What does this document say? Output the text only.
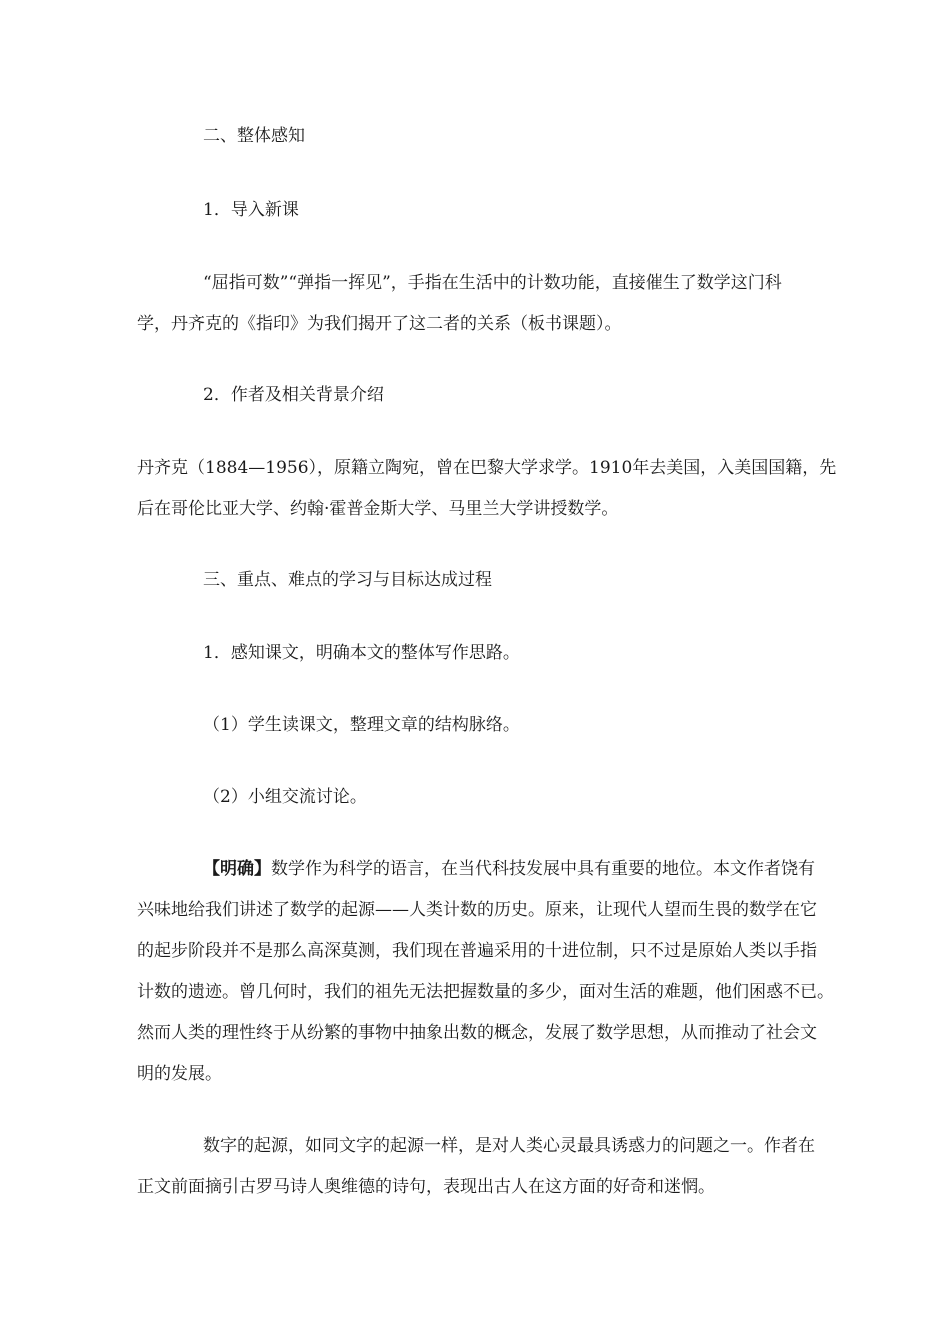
二、整体感知

1．导入新课

“屈指可数”“弹指一挥见”，手指在生活中的计数功能，直接催生了数学这门科

学，丹齐克的《指印》为我们揭开了这二者的关系（板书课题）。

2．作者及相关背景介绍

丹齐克（1884—1956），原籍立陶宛，曾在巴黎大学求学。1910年去美国，入美国国籍，先

后在哥伦比亚大学、约翰·霍普金斯大学、马里兰大学讲授数学。

三、重点、难点的学习与目标达成过程

1．感知课文，明确本文的整体写作思路。

（1）学生读课文，整理文章的结构脉络。

（2）小组交流讨论。

【明确】数学作为科学的语言，在当代科技发展中具有重要的地位。本文作者饶有

兴味地给我们讲述了数学的起源——人类计数的历史。原来，让现代人望而生畏的数学在它

的起步阶段并不是那么高深莫测，我们现在普遍采用的十进位制，只不过是原始人类以手指

计数的遗迹。曾几何时，我们的祖先无法把握数量的多少，面对生活的难题，他们困惑不已。

然而人类的理性终于从纷繁的事物中抽象出数的概念，发展了数学思想，从而推动了社会文

明的发展。

数字的起源，如同文字的起源一样，是对人类心灵最具诱惑力的问题之一。作者在

正文前面摘引古罗马诗人奥维德的诗句，表现出古人在这方面的好奇和迷惘。
